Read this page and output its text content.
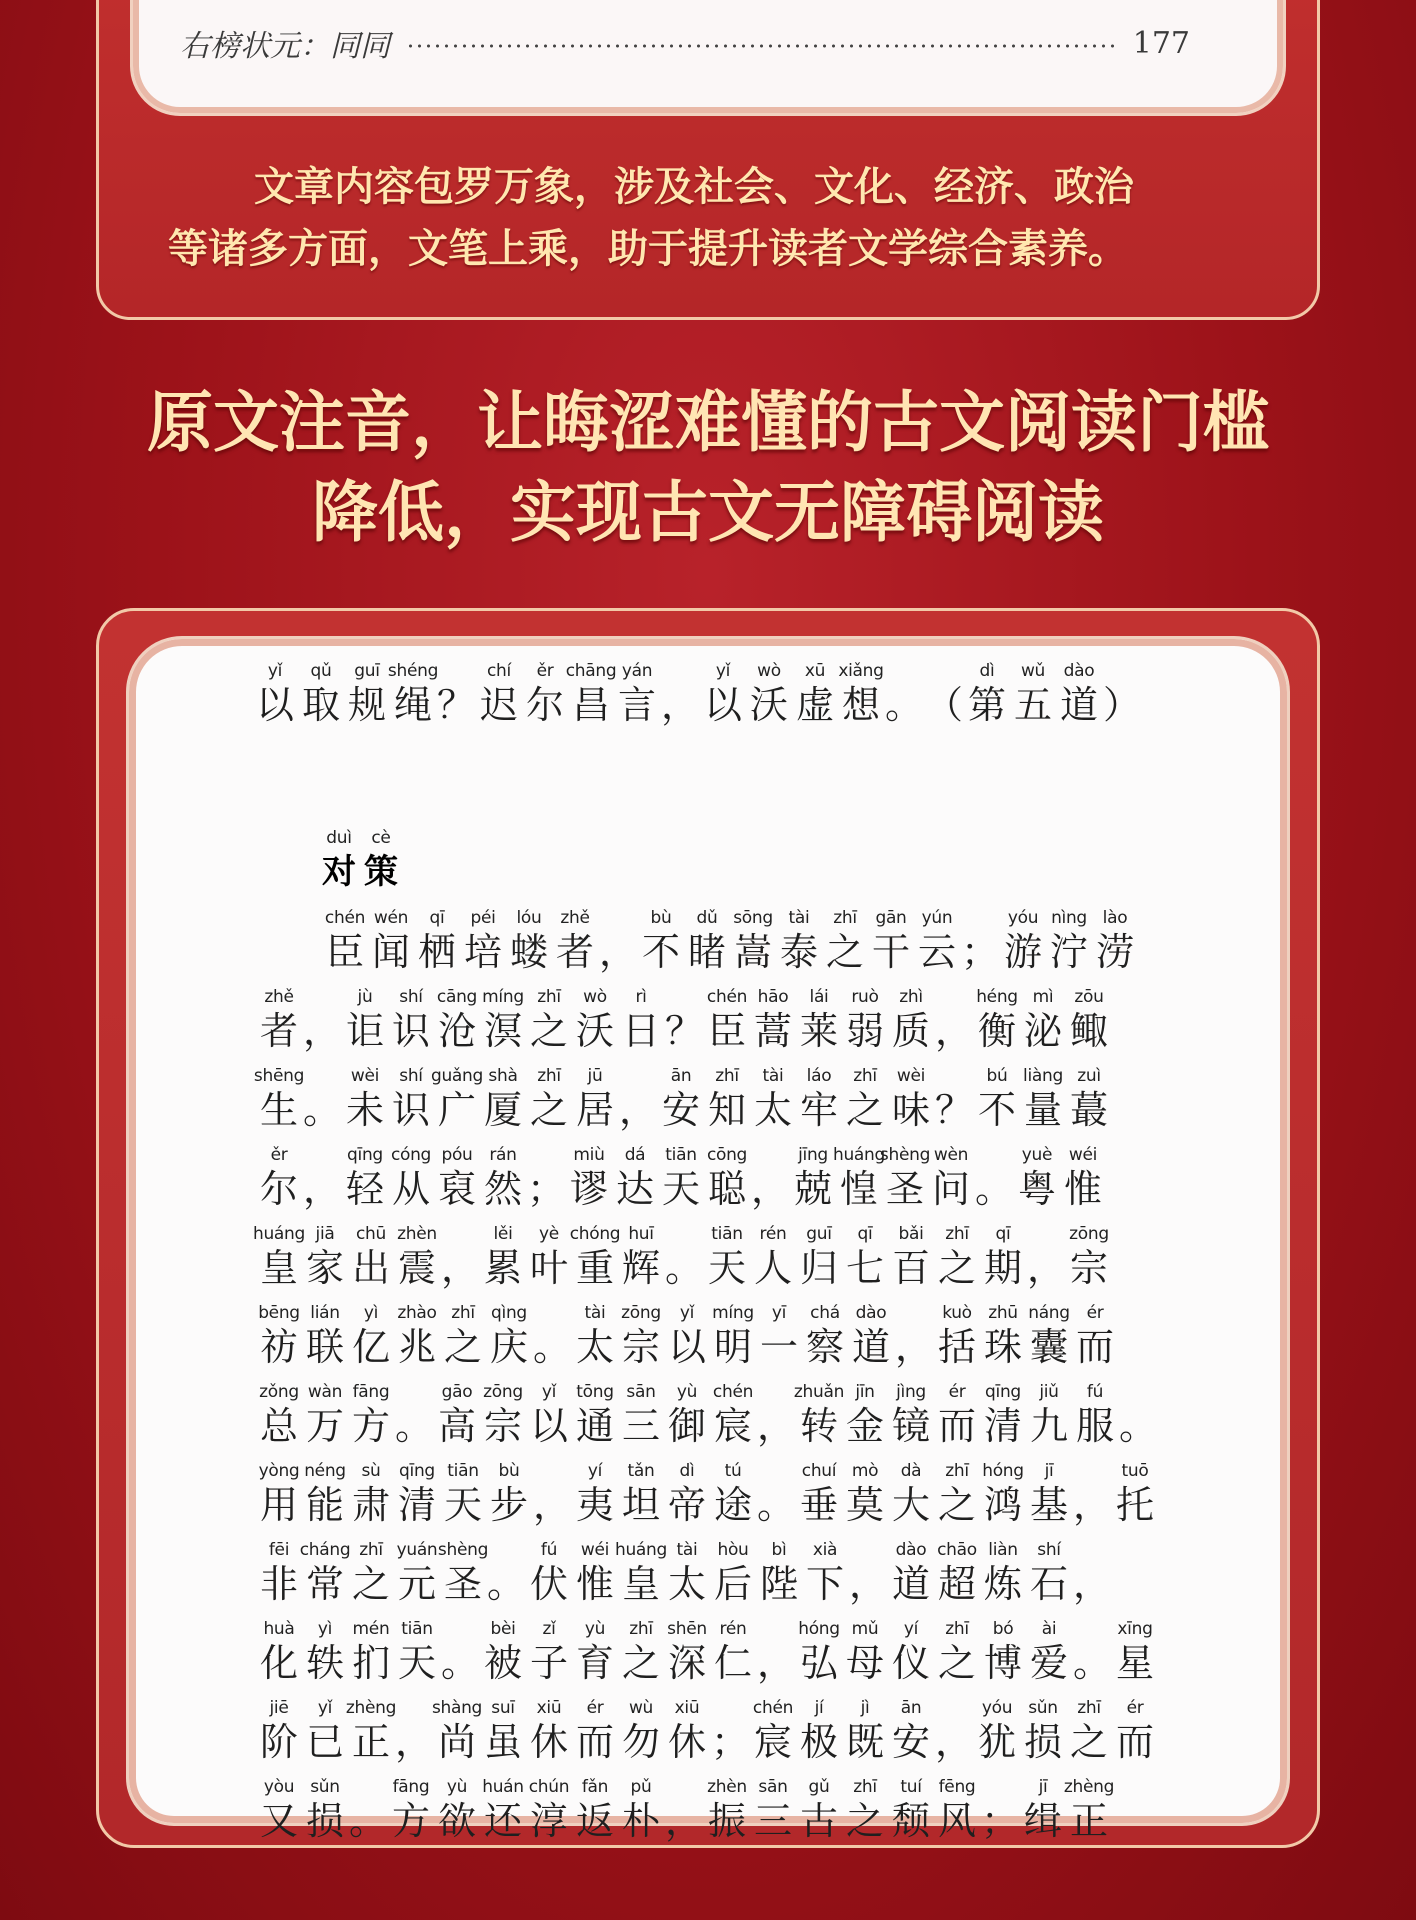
右榜状元：同同	177
文章内容包罗万象，涉及社会、文化、经济、政治
等诸多方面，文笔上乘，助于提升读者文学综合素养。
原文注音，让晦涩难懂的古文阅读门槛
降低，实现古文无障碍阅读
yǐ
以
qǔ
取
guī
规
shéng
绳 ？
chí
迟
ěr
尔
chāng
昌
yán
言 ，
yǐ
以
wò
沃
xū
虚
xiǎng
想 。 （
dì
第
wǔ
五
dào
道 ）
duì
对
cè
策
chén
臣
wén
闻
qī
栖
péi
培
lóu
蝼
zhě
者 ，
bù
不
dǔ
睹
sōng
嵩
tài
泰
zhī
之
gān
干
yún
云 ；
yóu
游
nìng
泞
lào
涝
zhě
者 ，
jù
讵
shí
识
cāng
沧
míng
溟
zhī
之
wò
沃
rì
日 ？
chén
臣
hāo
蒿
lái
莱
ruò
弱
zhì
质 ，
héng
衡
mì
泌
zōu
鲰
shēng
生 。
wèi
未
shí
识
guǎng
广
shà
厦
zhī
之
jū
居 ，
ān
安
zhī
知
tài
太
láo
牢
zhī
之
wèi
味 ？
bú
不
liàng
量
zuì
蕞
ěr
尔 ，
qīng
轻
cóng
从
póu
裒
rán
然 ；
miù
谬
dá
达
tiān
天
cōng
聪 ，
jīng
兢
huáng
惶
shèng
圣
wèn
问 。
yuè
粤
wéi
惟
huáng
皇
jiā
家
chū
出
zhèn
震 ，
lěi
累
yè
叶
chóng
重
huī
辉 。
tiān
天
rén
人
guī
归
qī
七
bǎi
百
zhī
之
qī
期 ，
zōng
宗
bēng
祊
lián
联
yì
亿
zhào
兆
zhī
之
qìng
庆 。
tài
太
zōng
宗
yǐ
以
míng
明
yī
一
chá
察
dào
道 ，
kuò
括
zhū
珠
náng
囊
ér
而
zǒng
总
wàn
万
fāng
方 。
gāo
高
zōng
宗
yǐ
以
tōng
通
sān
三
yù
御
chén
宸 ，
zhuǎn
转
jīn
金
jìng
镜
ér
而
qīng
清
jiǔ
九
fú
服 。
yòng
用
néng
能
sù
肃
qīng
清
tiān
天
bù
步 ，
yí
夷
tǎn
坦
dì
帝
tú
途 。
chuí
垂
mò
莫
dà
大
zhī
之
hóng
鸿
jī
基 ，
tuō
托
fēi
非
cháng
常
zhī
之
yuán
元
shèng
圣 。
fú
伏
wéi
惟
huáng
皇
tài
太
hòu
后
bì
陛
xià
下 ，
dào
道
chāo
超
liàn
炼
shí
石 ，
huà
化
yì
轶
mén
扪
tiān
天 。
bèi
被
zǐ
子
yù
育
zhī
之
shēn
深
rén
仁 ，
hóng
弘
mǔ
母
yí
仪
zhī
之
bó
博
ài
爱 。
xīng
星
jiē
阶
yǐ
已
zhèng
正 ，
shàng
尚
suī
虽
xiū
休
ér
而
wù
勿
xiū
休 ；
chén
宸
jí
极
jì
既
ān
安 ，
yóu
犹
sǔn
损
zhī
之
ér
而
yòu
又
sǔn
损 。
fāng
方
yù
欲
huán
还
chún
淳
fǎn
返
pǔ
朴 ，
zhèn
振
sān
三
gǔ
古
zhī
之
tuí
颓
fēng
风 ；
jī
缉
zhèng
正
